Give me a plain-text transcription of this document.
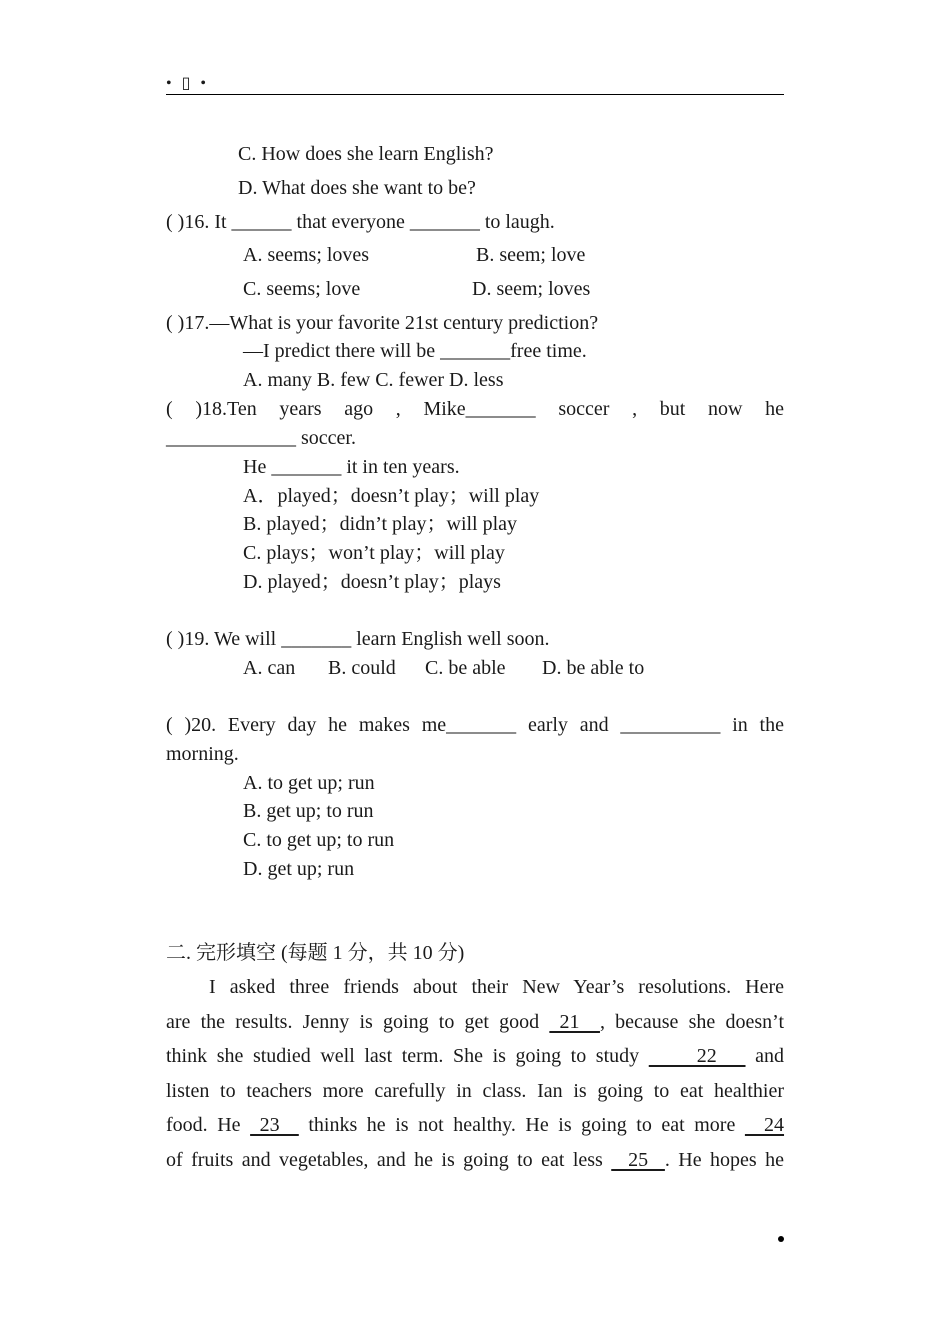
• ▯ •
C. How does she learn English?
D. What does she want to be?
( )16. It ______ that everyone _______ to laugh.
A. seems; loves	B. seem; love
C. seems; love	D. seem; loves
( )17.—What is your favorite 21st century prediction?
—I predict there will be _______free time.
A. many B. few C. fewer D. less
( )18.Ten years ago , Mike_______ soccer , but now he
_____________ soccer.
He _______ it in ten years.
A．played；doesn’t play；will play
B. played；didn’t play；will play
C. plays；won’t play；will play
D. played；doesn’t play；plays
( )19. We will _______ learn English well soon.
A. can B. could C. be able D. be able to
( )20. Every day he makes me_______ early and __________ in the
morning.
A. to get up; run
B. get up; to run
C. to get up; to run
D. get up; run
二. 完形填空 (每题 1 分，共 10 分)
I asked three friends about their New Year’s resolutions. Here
are the results. Jenny is going to get good  21  , because she doesn’t
think she studied well last term. She is going to study      22    and
listen to teachers more carefully in class. Ian is going to eat healthier
food. He  23   thinks he is not healthy. He is going to eat more   24
of fruits and vegetables, and he is going to eat less   25  . He hopes he
